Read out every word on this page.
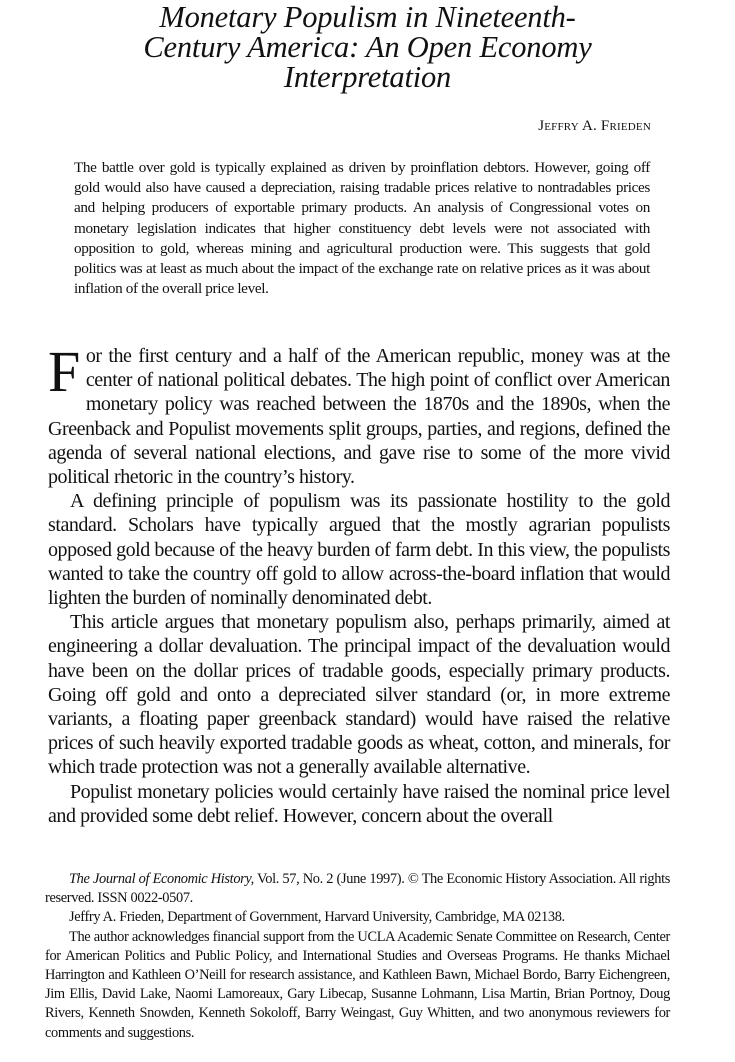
Monetary Populism in Nineteenth-
Century America: An Open Economy
Interpretation
Jeffry A. Frieden
The battle over gold is typically explained as driven by proinflation debtors. However, going off gold would also have caused a depreciation, raising tradable prices relative to nontradables prices and helping producers of exportable primary products. An analysis of Congressional votes on monetary legislation indicates that higher constituency debt levels were not associated with opposition to gold, whereas mining and agricultural production were. This suggests that gold politics was at least as much about the impact of the exchange rate on relative prices as it was about inflation of the overall price level.

For the first century and a half of the American republic, money was at the center of national political debates. The high point of conflict over American monetary policy was reached between the 1870s and the 1890s, when the Greenback and Populist movements split groups, parties, and regions, defined the agenda of several national elections, and gave rise to some of the more vivid political rhetoric in the country’s history.

A defining principle of populism was its passionate hostility to the gold standard. Scholars have typically argued that the mostly agrarian populists opposed gold because of the heavy burden of farm debt. In this view, the populists wanted to take the country off gold to allow across-the-board inflation that would lighten the burden of nominally denominated debt.

This article argues that monetary populism also, perhaps primarily, aimed at engineering a dollar devaluation. The principal impact of the devaluation would have been on the dollar prices of tradable goods, especially primary products. Going off gold and onto a depreciated silver standard (or, in more extreme variants, a floating paper greenback standard) would have raised the relative prices of such heavily exported tradable goods as wheat, cotton, and minerals, for which trade protection was not a generally available alternative.

Populist monetary policies would certainly have raised the nominal price level and provided some debt relief. However, concern about the overall

The Journal of Economic History, Vol. 57, No. 2 (June 1997). © The Economic History Association. All rights reserved. ISSN 0022-0507.

Jeffry A. Frieden, Department of Government, Harvard University, Cambridge, MA 02138.

The author acknowledges financial support from the UCLA Academic Senate Committee on Research, Center for American Politics and Public Policy, and International Studies and Overseas Programs. He thanks Michael Harrington and Kathleen O’Neill for research assistance, and Kathleen Bawn, Michael Bordo, Barry Eichengreen, Jim Ellis, David Lake, Naomi Lamoreaux, Gary Libecap, Susanne Lohmann, Lisa Martin, Brian Portnoy, Doug Rivers, Kenneth Snowden, Kenneth Sokoloff, Barry Weingast, Guy Whitten, and two anonymous reviewers for comments and suggestions.
